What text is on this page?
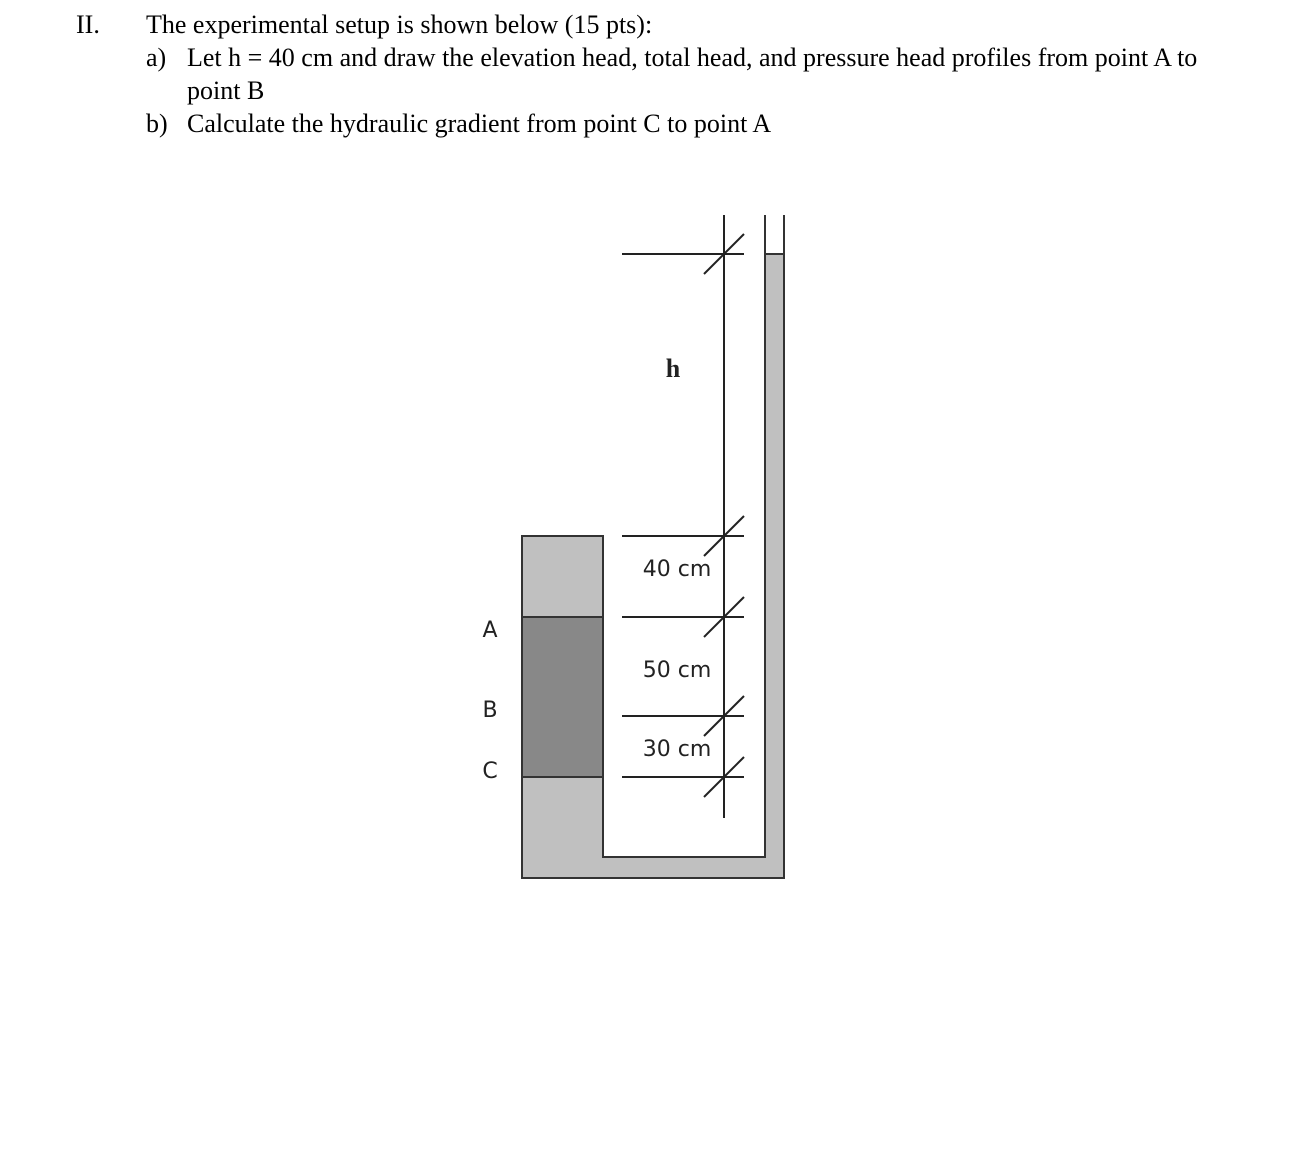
II. The experimental setup is shown below (15 pts):
a) Let h = 40 cm and draw the elevation head, total head, and pressure head profiles from point A to point B
b) Calculate the hydraulic gradient from point C to point A
h
40 cm
50 cm
30 cm
A
B
C
